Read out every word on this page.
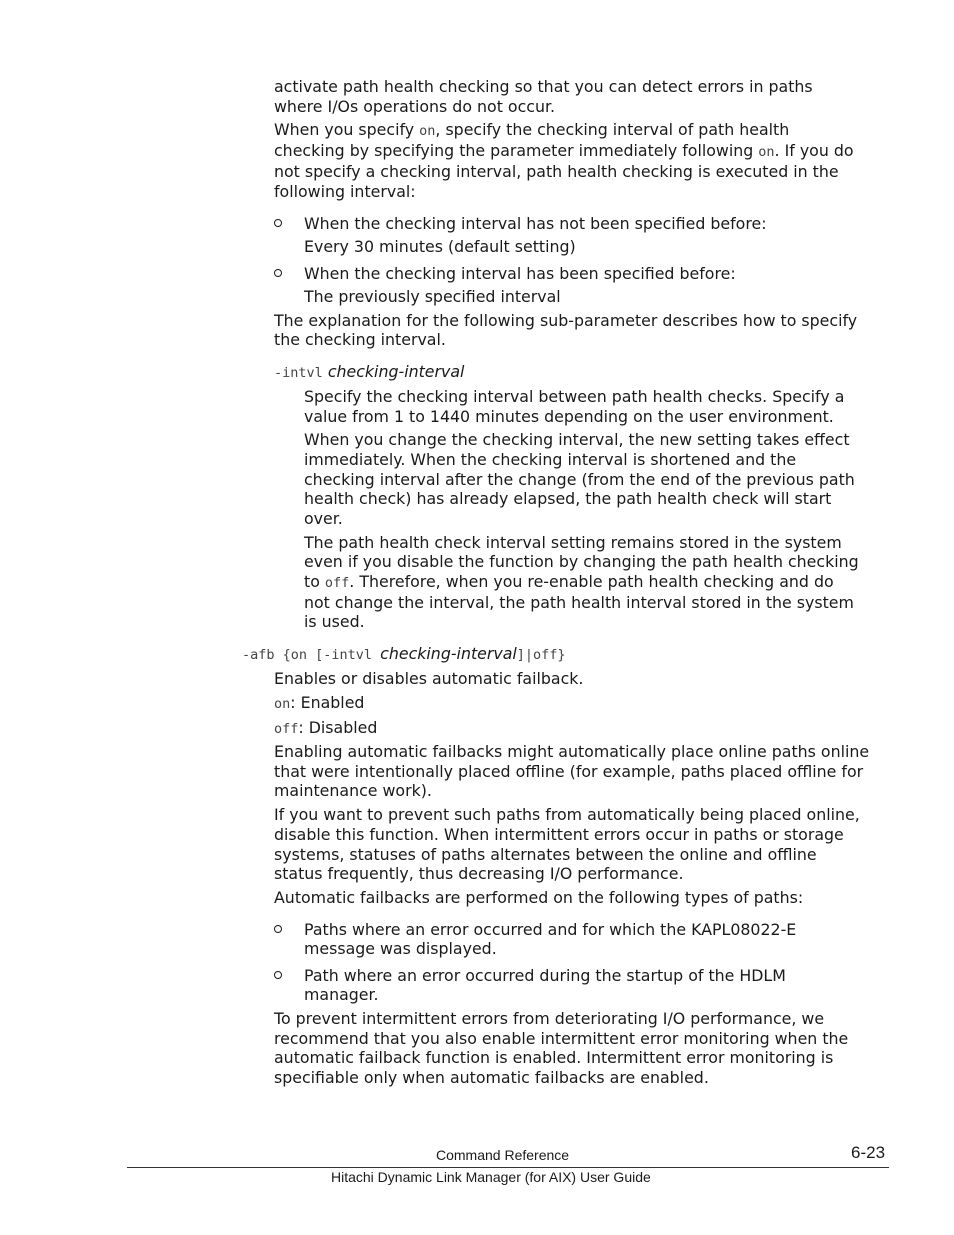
activate path health checking so that you can detect errors in paths

where I/Os operations do not occur.

When you specify on, specify the checking interval of path health

checking by specifying the parameter immediately following on. If you do

not specify a checking interval, path health checking is executed in the

following interval:

When the checking interval has not been specified before:

Every 30 minutes (default setting)

When the checking interval has been specified before:

The previously specified interval

The explanation for the following sub-parameter describes how to specify

the checking interval.

-intvl checking-interval

Specify the checking interval between path health checks. Specify a

value from 1 to 1440 minutes depending on the user environment.

When you change the checking interval, the new setting takes effect

immediately. When the checking interval is shortened and the

checking interval after the change (from the end of the previous path

health check) has already elapsed, the path health check will start

over.

The path health check interval setting remains stored in the system

even if you disable the function by changing the path health checking

to off. Therefore, when you re-enable path health checking and do

not change the interval, the path health interval stored in the system

is used.

-afb {on [-intvl checking-interval]|off}

Enables or disables automatic failback.

on: Enabled

off: Disabled

Enabling automatic failbacks might automatically place online paths online

that were intentionally placed offline (for example, paths placed offline for

maintenance work).

If you want to prevent such paths from automatically being placed online,

disable this function. When intermittent errors occur in paths or storage

systems, statuses of paths alternates between the online and offline

status frequently, thus decreasing I/O performance.

Automatic failbacks are performed on the following types of paths:

Paths where an error occurred and for which the KAPL08022-E

message was displayed.

Path where an error occurred during the startup of the HDLM

manager.

To prevent intermittent errors from deteriorating I/O performance, we

recommend that you also enable intermittent error monitoring when the

automatic failback function is enabled. Intermittent error monitoring is

specifiable only when automatic failbacks are enabled.

Command Reference	6-23
Hitachi Dynamic Link Manager (for AIX) User Guide
